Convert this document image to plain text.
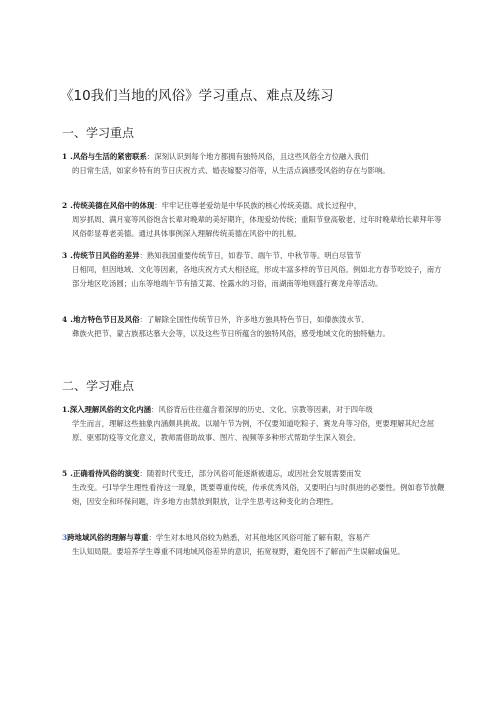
《10我们当地的风俗》学习重点、难点及练习
一、学习重点
1 .风俗与生活的紧密联系：深刻认识到每个地方都拥有独特风俗，且这些风俗全方位融入我们
的日常生活，如家乡特有的节日庆祝方式、婚丧嫁娶习俗等，从生活点滴感受风俗的存在与影响。
2 .传统美德在风俗中的体现：牢牢记住尊老爱幼是中华民族的核心传统美德。成长过程中，
周岁抓周、满月宴等风俗饱含长辈对晚辈的美好期许，体现爱幼传统；重阳节登高敬老、过年时晚辈给长辈拜年等风俗彰显尊老美德。通过具体事例深入理解传统美德在风俗中的扎根。
3 .传统节日风俗的差异：熟知我国重要传统节日，如春节、端午节、中秋节等。明白尽管节
日相同，但因地域、文化等因素，各地庆祝方式大相径庭，形成丰富多样的节日风俗。例如北方春节吃饺子，南方部分地区吃汤圆；山东等地端午节有插艾蒿、拴露水的习俗，而湖南等地则盛行赛龙舟等活动。
4 .地方特色节日及风俗：了解除全国性传统节日外，许多地方独具特色节日，如傣族泼水节、
彝族火把节、蒙古族那达慕大会等，以及这些节日所蕴含的独特风俗，感受地域文化的独特魅力。
二、学习难点
1.深入理解风俗的文化内涵：风俗背后往往蕴含着深厚的历史、文化、宗教等因素，对于四年级
学生而言，理解这些抽象内涵颇具挑战。以端午节为例，不仅要知道吃粽子、赛龙舟等习俗，更要理解其纪念屈原、驱邪防疫等文化意义，教师需借助故事、图片、视频等多种形式帮助学生深入领会。
5 .正确看待风俗的演变：随着时代变迁，部分风俗可能逐渐被遗忘，或因社会发展需要而发
生改变。弓I导学生理性看待这一现象，既要尊重传统，传承优秀风俗，又要明白与时俱进的必要性。例如春节放鞭炮，因安全和环保问题，许多地方由禁放到限放，让学生思考这种变化的合理性。
3跨地域风俗的理解与尊重：学生对本地风俗较为熟悉，对其他地区风俗可能了解有限，容易产
生认知局限。要培养学生尊重不同地域风俗差异的意识，拓宽视野，避免因不了解而产生误解或偏见。
